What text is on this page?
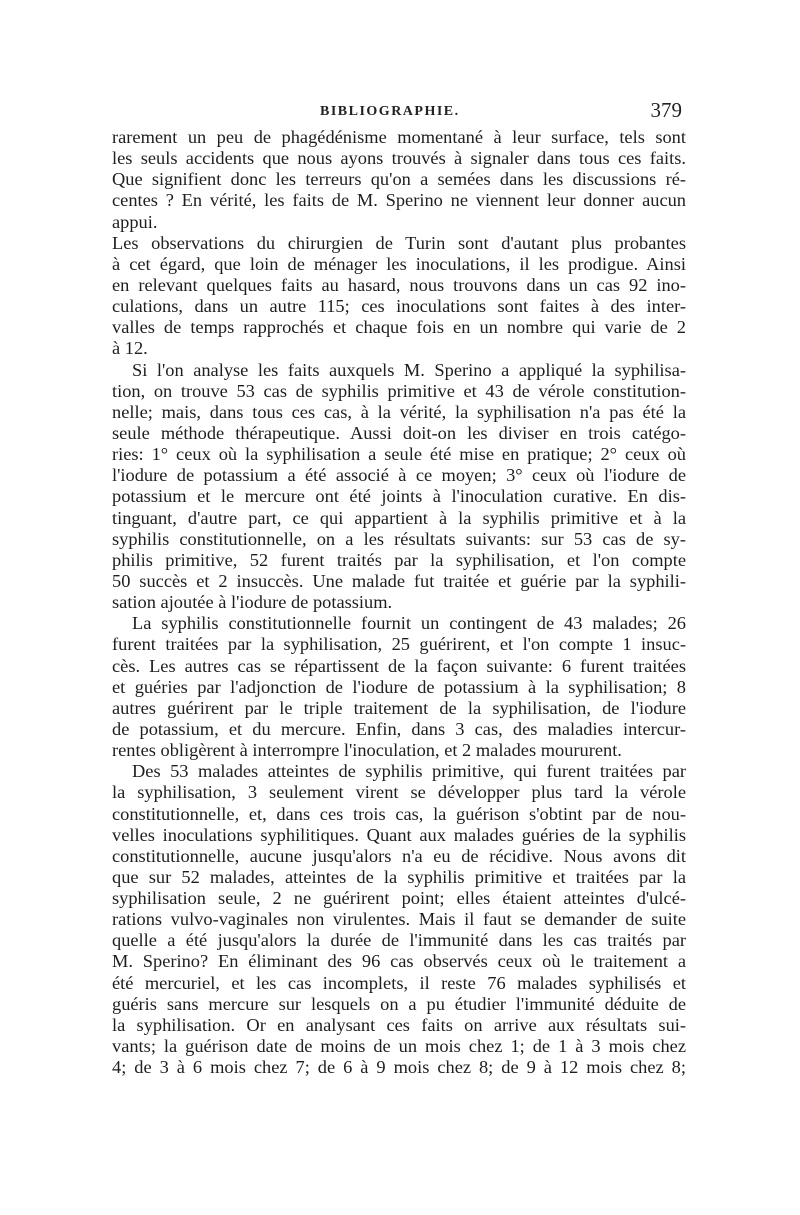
BIBLIOGRAPHIE.	379
rarement un peu de phagédénisme momentané à leur surface, tels sont
les seuls accidents que nous ayons trouvés à signaler dans tous ces faits.
Que signifient donc les terreurs qu'on a semées dans les discussions ré-
centes ? En vérité, les faits de M. Sperino ne viennent leur donner aucun
appui.
Les observations du chirurgien de Turin sont d'autant plus probantes
à cet égard, que loin de ménager les inoculations, il les prodigue. Ainsi
en relevant quelques faits au hasard, nous trouvons dans un cas 92 ino-
culations, dans un autre 115; ces inoculations sont faites à des inter-
valles de temps rapprochés et chaque fois en un nombre qui varie de 2
à 12.
Si l'on analyse les faits auxquels M. Sperino a appliqué la syphilisa-
tion, on trouve 53 cas de syphilis primitive et 43 de vérole constitution-
nelle; mais, dans tous ces cas, à la vérité, la syphilisation n'a pas été la
seule méthode thérapeutique. Aussi doit-on les diviser en trois catégo-
ries: 1° ceux où la syphilisation a seule été mise en pratique; 2° ceux où
l'iodure de potassium a été associé à ce moyen; 3° ceux où l'iodure de
potassium et le mercure ont été joints à l'inoculation curative. En dis-
tinguant, d'autre part, ce qui appartient à la syphilis primitive et à la
syphilis constitutionnelle, on a les résultats suivants: sur 53 cas de sy-
philis primitive, 52 furent traités par la syphilisation, et l'on compte
50 succès et 2 insuccès. Une malade fut traitée et guérie par la syphili-
sation ajoutée à l'iodure de potassium.
La syphilis constitutionnelle fournit un contingent de 43 malades; 26
furent traitées par la syphilisation, 25 guérirent, et l'on compte 1 insuc-
cès. Les autres cas se répartissent de la façon suivante: 6 furent traitées
et guéries par l'adjonction de l'iodure de potassium à la syphilisation; 8
autres guérirent par le triple traitement de la syphilisation, de l'iodure
de potassium, et du mercure. Enfin, dans 3 cas, des maladies intercur-
rentes obligèrent à interrompre l'inoculation, et 2 malades moururent.
Des 53 malades atteintes de syphilis primitive, qui furent traitées par
la syphilisation, 3 seulement virent se développer plus tard la vérole
constitutionnelle, et, dans ces trois cas, la guérison s'obtint par de nou-
velles inoculations syphilitiques. Quant aux malades guéries de la syphilis
constitutionnelle, aucune jusqu'alors n'a eu de récidive. Nous avons dit
que sur 52 malades, atteintes de la syphilis primitive et traitées par la
syphilisation seule, 2 ne guérirent point; elles étaient atteintes d'ulcé-
rations vulvo-vaginales non virulentes. Mais il faut se demander de suite
quelle a été jusqu'alors la durée de l'immunité dans les cas traités par
M. Sperino? En éliminant des 96 cas observés ceux où le traitement a
été mercuriel, et les cas incomplets, il reste 76 malades syphilisés et
guéris sans mercure sur lesquels on a pu étudier l'immunité déduite de
la syphilisation. Or en analysant ces faits on arrive aux résultats sui-
vants; la guérison date de moins de un mois chez 1; de 1 à 3 mois chez
4; de 3 à 6 mois chez 7; de 6 à 9 mois chez 8; de 9 à 12 mois chez 8;
